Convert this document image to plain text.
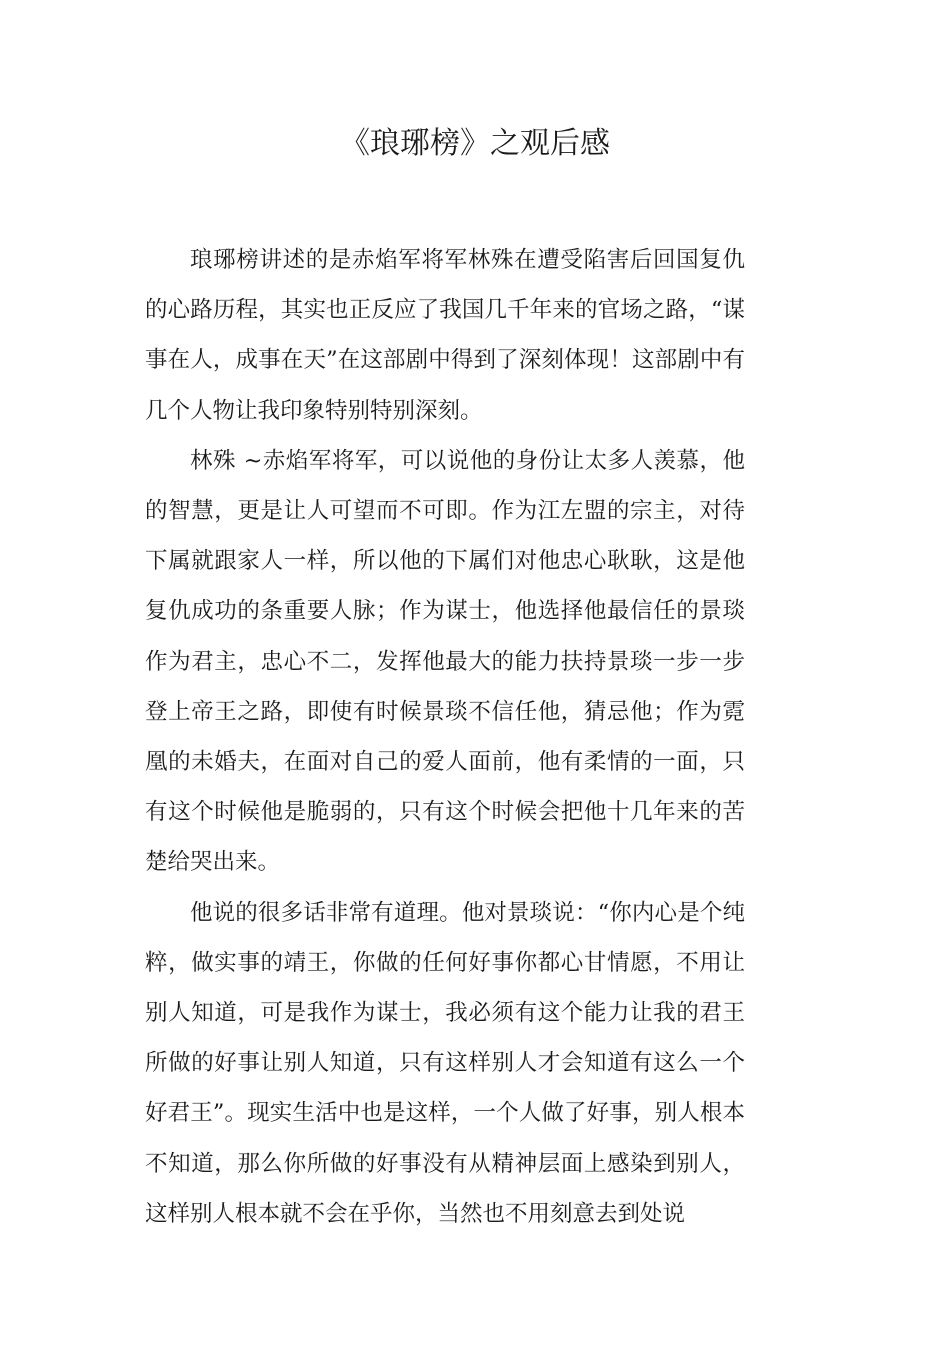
《琅琊榜》之观后感

琅琊榜讲述的是赤焰军将军林殊在遭受陷害后回国复仇的心路历程，其实也正反应了我国几千年来的官场之路，“谋事在人，成事在天”在这部剧中得到了深刻体现！这部剧中有几个人物让我印象特别特别深刻。

林殊 ~赤焰军将军，可以说他的身份让太多人羡慕，他的智慧，更是让人可望而不可即。作为江左盟的宗主，对待下属就跟家人一样，所以他的下属们对他忠心耿耿，这是他复仇成功的条重要人脉；作为谋士，他选择他最信任的景琰作为君主，忠心不二，发挥他最大的能力扶持景琰一步一步登上帝王之路，即使有时候景琰不信任他，猜忌他；作为霓凰的未婚夫，在面对自己的爱人面前，他有柔情的一面，只有这个时候他是脆弱的，只有这个时候会把他十几年来的苦楚给哭出来。

他说的很多话非常有道理。他对景琰说：“你内心是个纯粹，做实事的靖王，你做的任何好事你都心甘情愿，不用让别人知道，可是我作为谋士，我必须有这个能力让我的君王所做的好事让别人知道，只有这样别人才会知道有这么一个好君王”。现实生活中也是这样，一个人做了好事，别人根本不知道，那么你所做的好事没有从精神层面上感染到别人，这样别人根本就不会在乎你，当然也不用刻意去到处说
